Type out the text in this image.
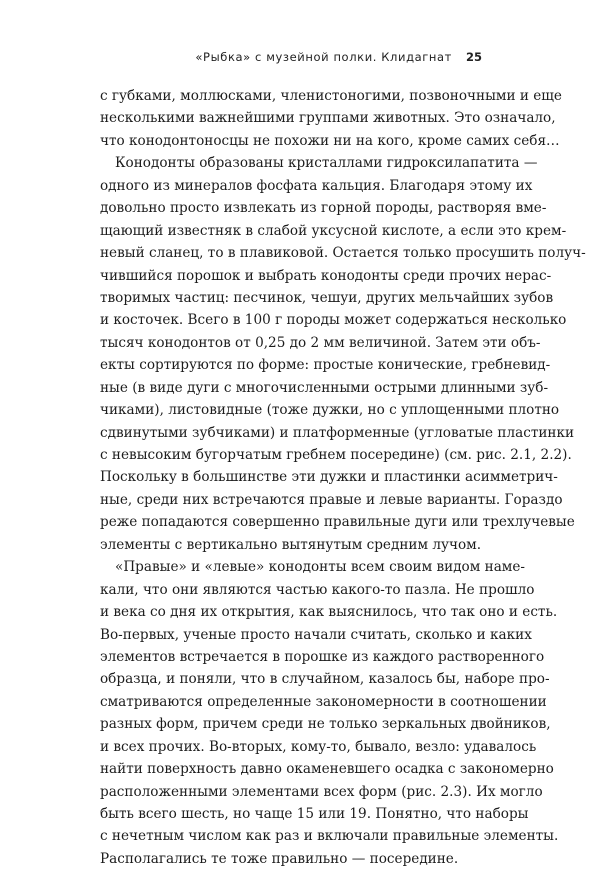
«Рыбка» с музейной полки. Клидагнат 25
с губками, моллюсками, членистоногими, позвоночными и еще
несколькими важнейшими группами животных. Это означало,
что конодонтоносцы не похожи ни на кого, кроме самих себя…
Конодонты образованы кристаллами гидроксилапатита —
одного из минералов фосфата кальция. Благодаря этому их
довольно просто извлекать из горной породы, растворяя вме-
щающий известняк в слабой уксусной кислоте, а если это крем-
невый сланец, то в плавиковой. Остается только просушить получ-
чившийся порошок и выбрать конодонты среди прочих нерас-
творимых частиц: песчинок, чешуи, других мельчайших зубов
и косточек. Всего в 100 г породы может содержаться несколько
тысяч конодонтов от 0,25 до 2 мм величиной. Затем эти объ-
екты сортируются по форме: простые конические, гребневид-
ные (в виде дуги с многочисленными острыми длинными зуб-
чиками), листовидные (тоже дужки, но с уплощенными плотно
сдвинутыми зубчиками) и платформенные (угловатые пластинки
с невысоким бугорчатым гребнем посередине) (см. рис. 2.1, 2.2).
Поскольку в большинстве эти дужки и пластинки асимметрич-
ные, среди них встречаются правые и левые варианты. Гораздо
реже попадаются совершенно правильные дуги или трехлучевые
элементы с вертикально вытянутым средним лучом.
«Правые» и «левые» конодонты всем своим видом наме-
кали, что они являются частью какого-то пазла. Не прошло
и века со дня их открытия, как выяснилось, что так оно и есть.
Во-первых, ученые просто начали считать, сколько и каких
элементов встречается в порошке из каждого растворенного
образца, и поняли, что в случайном, казалось бы, наборе про-
сматриваются определенные закономерности в соотношении
разных форм, причем среди не только зеркальных двойников,
и всех прочих. Во-вторых, кому-то, бывало, везло: удавалось
найти поверхность давно окаменевшего осадка с закономерно
расположенными элементами всех форм (рис. 2.3). Их могло
быть всего шесть, но чаще 15 или 19. Понятно, что наборы
с нечетным числом как раз и включали правильные элементы.
Располагались те тоже правильно — посередине.
